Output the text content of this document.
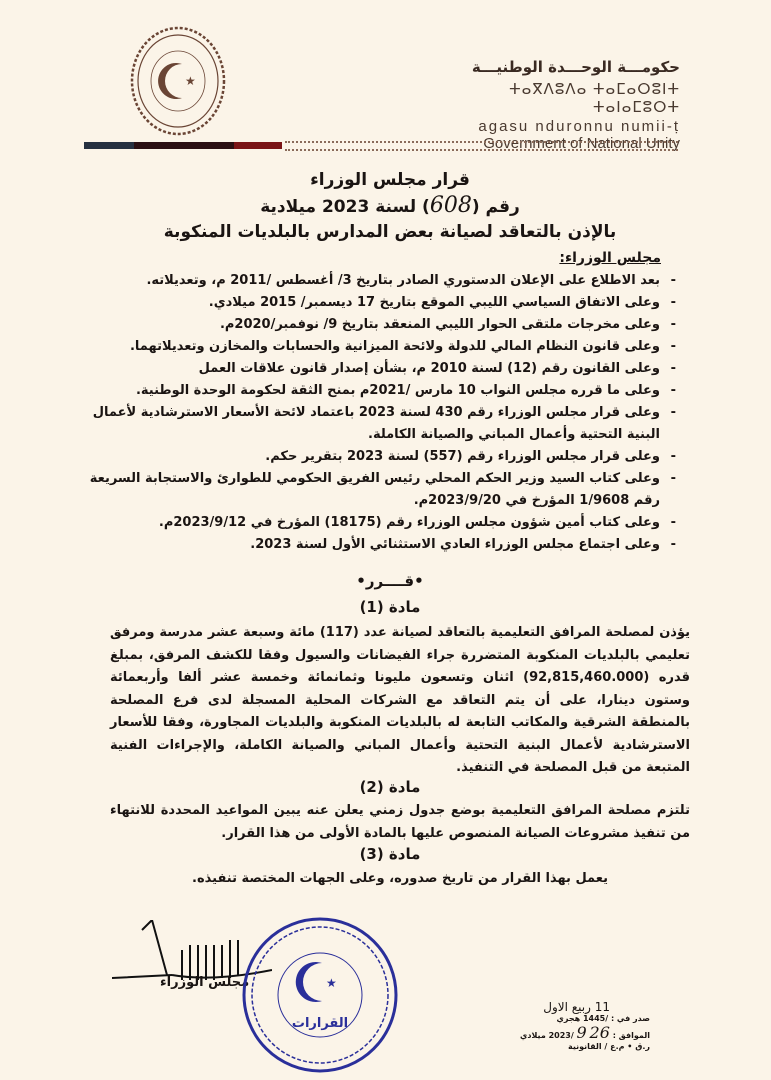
★
حكومـــة الوحـــدة الوطنيـــة
ⵜⴰⴳⴷⵓⴷⴰ ⵜⴰⵎⴰⵔⵓⵏⵜ ⵜⴰⵏⴰⵎⵓⵔⵜ
agasu nduronnu numii-ṭ
Government of National Unity
قرار مجلس الوزراء
رقم (608) لسنة 2023 ميلادية
بالإذن بالتعاقد لصيانة بعض المدارس بالبلديات المنكوبة
مجلس الوزراء:
- بعد الاطلاع على الإعلان الدستوري الصادر بتاريخ 3/ أغسطس /2011 م، وتعديلاته.
- وعلى الاتفاق السياسي الليبي الموقع بتاريخ 17 ديسمبر/ 2015 ميلادي.
- وعلى مخرجات ملتقى الحوار الليبي المنعقد بتاريخ 9/ نوفمبر/2020م.
- وعلى قانون النظام المالي للدولة ولائحة الميزانية والحسابات والمخازن وتعديلاتهما.
- وعلى القانون رقم (12) لسنة 2010 م، بشأن إصدار قانون علاقات العمل
- وعلى ما قرره مجلس النواب 10 مارس /2021م بمنح الثقة لحكومة الوحدة الوطنية.
- وعلى قرار مجلس الوزراء رقم 430 لسنة 2023 باعتماد لائحة الأسعار الاسترشادية لأعمال البنية التحتية وأعمال المباني والصيانة الكاملة.
- وعلى قرار مجلس الوزراء رقم (557) لسنة 2023 بتقرير حكم.
- وعلى كتاب السيد وزير الحكم المحلي رئيس الفريق الحكومي للطوارئ والاستجابة السريعة رقم 1/9608 المؤرخ في 2023/9/20م.
- وعلى كتاب أمين شؤون مجلس الوزراء رقم (18175) المؤرخ في 2023/9/12م.
- وعلى اجتماع مجلس الوزراء العادي الاستثنائي الأول لسنة 2023.
•قــــرر•
مادة (1)
يؤذن لمصلحة المرافق التعليمية بالتعاقد لصيانة عدد (117) مائة وسبعة عشر مدرسة ومرفق تعليمي بالبلديات المنكوبة المتضررة جراء الفيضانات والسيول وفقا للكشف المرفق، بمبلغ قدره (92,815,460.000) اثنان وتسعون مليونا وثمانمائة وخمسة عشر ألفا وأربعمائة وستون دينارا، على أن يتم التعاقد مع الشركات المحلية المسجلة لدى فرع المصلحة بالمنطقة الشرقية والمكاتب التابعة له بالبلديات المنكوبة والبلديات المجاورة، وفقا للأسعار الاسترشادية لأعمال البنية التحتية وأعمال المباني والصيانة الكاملة، والإجراءات الفنية المتبعة من قبل المصلحة في التنفيذ.
مادة (2)
تلتزم مصلحة المرافق التعليمية بوضع جدول زمني يعلن عنه يبين المواعيد المحددة للانتهاء من تنفيذ مشروعات الصيانة المنصوص عليها بالمادة الأولى من هذا القرار.
مادة (3)
يعمل بهذا القرار من تاريخ صدوره، وعلى الجهات المختصة تنفيذه.
مجلس الوزراء	★
القرارات
11 ربيع الاول
صدر في : /1445 هجري
الموافق : 26 9 /2023 ميلادي
ر.ق • م.ع / القانونية
